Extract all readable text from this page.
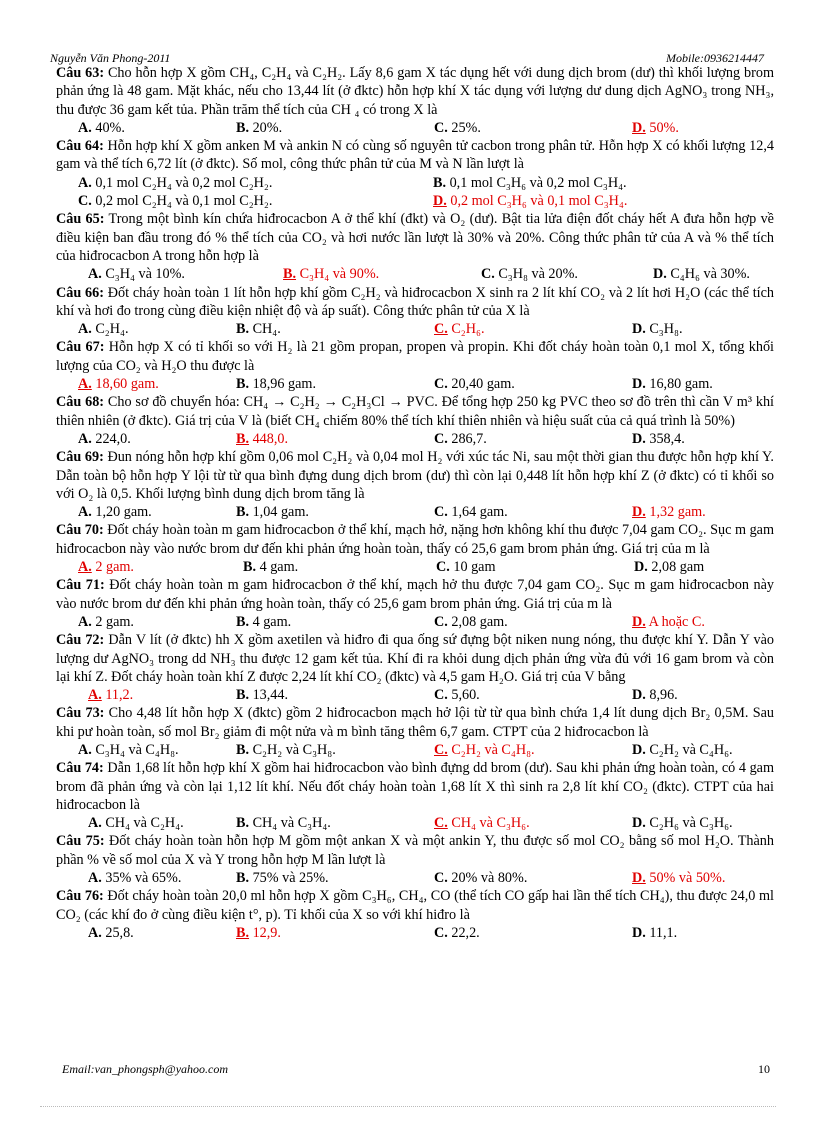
Nguyễn Văn Phong-2011	Mobile:0936214447
Câu 63: Cho hỗn hợp X gồm CH₄, C₂H₄ và C₂H₂. Lấy 8,6 gam X tác dụng hết với dung dịch brom (dư) thì khối lượng brom phản ứng là 48 gam. Mặt khác, nếu cho 13,44 lít (ở đktc) hỗn hợp khí X tác dụng với lượng dư dung dịch AgNO₃ trong NH₃, thu được 36 gam kết tủa. Phần trăm thể tích của CH ₄ có trong X là
A. 40%.	B. 20%.	C. 25%.	D. 50%.
Câu 64: Hỗn hợp khí X gồm anken M và ankin N có cùng số nguyên tử cacbon trong phân tử. Hỗn hợp X có khối lượng 12,4 gam và thể tích 6,72 lít (ở đktc). Số mol, công thức phân tử của M và N lần lượt là
A. 0,1 mol C₂H₄ và 0,2 mol C₂H₂.	B. 0,1 mol C₃H₆ và 0,2 mol C₃H₄.
C. 0,2 mol C₂H₄ và 0,1 mol C₂H₂.	D. 0,2 mol C₃H₆ và 0,1 mol C₃H₄.
Câu 65: Trong một bình kín chứa hiđrocacbon A ở thể khí (đkt) và O₂ (dư). Bật tia lửa điện đốt cháy hết A đưa hỗn hợp về điều kiện ban đầu trong đó % thể tích của CO₂ và hơi nước lần lượt là 30% và 20%. Công thức phân tử của A và % thể tích của hiđrocacbon A trong hỗn hợp là
A. C₃H₄ và 10%.	B. C₃H₄ và 90%.	C. C₃H₈ và 20%.	D. C₄H₆ và 30%.
Câu 66: Đốt cháy hoàn toàn 1 lít hỗn hợp khí gồm C₂H₂ và hiđrocacbon X sinh ra 2 lít khí CO₂ và 2 lít hơi H₂O (các thể tích khí và hơi đo trong cùng điều kiện nhiệt độ và áp suất). Công thức phân tử của X là
A. C₂H₄.	B. CH₄.	C. C₂H₆.	D. C₃H₈.
Câu 67: Hỗn hợp X có tỉ khối so với H₂ là 21 gồm propan, propen và propin. Khi đốt cháy hoàn toàn 0,1 mol X, tổng khối lượng của CO₂ và H₂O thu được là
A. 18,60 gam.	B. 18,96 gam.	C. 20,40 gam.	D. 16,80 gam.
Câu 68: Cho sơ đồ chuyển hóa: CH₄ → C₂H₂ → C₂H₃Cl → PVC. Để tổng hợp 250 kg PVC theo sơ đồ trên thì cần V m³ khí thiên nhiên (ở đktc). Giá trị của V là (biết CH₄ chiếm 80% thể tích khí thiên nhiên và hiệu suất của cả quá trình là 50%)
A. 224,0.	B. 448,0.	C. 286,7.	D. 358,4.
Câu 69: Đun nóng hỗn hợp khí gồm 0,06 mol C₂H₂ và 0,04 mol H₂ với xúc tác Ni, sau một thời gian thu được hỗn hợp khí Y. Dẫn toàn bộ hỗn hợp Y lội từ từ qua bình đựng dung dịch brom (dư) thì còn lại 0,448 lít hỗn hợp khí Z (ở đktc) có tỉ khối so với O₂ là 0,5. Khối lượng bình dung dịch brom tăng là
A. 1,20 gam.	B. 1,04 gam.	C. 1,64 gam.	D. 1,32 gam.
Câu 70: Đốt cháy hoàn toàn m gam hiđrocacbon ở thể khí, mạch hở, nặng hơn không khí thu được 7,04 gam CO₂. Sục m gam hiđrocacbon này vào nước brom dư đến khi phản ứng hoàn toàn, thấy có 25,6 gam brom phản ứng. Giá trị của m là
A. 2 gam.	B. 4 gam.	C. 10 gam	D. 2,08 gam
Câu 71: Đốt cháy hoàn toàn m gam hiđrocacbon ở thể khí, mạch hở thu được 7,04 gam CO₂. Sục m gam hiđrocacbon này vào nước brom dư đến khi phản ứng hoàn toàn, thấy có 25,6 gam brom phản ứng. Giá trị của m là
A. 2 gam.	B. 4 gam.	C. 2,08 gam.	D. A hoặc C.
Câu 72: Dẫn V lít (ở đktc) hh X gồm axetilen và hiđro đi qua ống sứ đựng bột niken nung nóng, thu được khí Y. Dẫn Y vào lượng dư AgNO₃ trong dd NH₃ thu được 12 gam kết tủa. Khí đi ra khỏi dung dịch phản ứng vừa đủ với 16 gam brom và còn lại khí Z. Đốt cháy hoàn toàn khí Z được 2,24 lít khí CO₂ (đktc) và 4,5 gam H₂O. Giá trị của V bằng
A. 11,2.	B. 13,44.	C. 5,60.	D. 8,96.
Câu 73: Cho 4,48 lít hỗn hợp X (đktc) gồm 2 hiđrocacbon mạch hở lội từ từ qua bình chứa 1,4 lít dung dịch Br₂ 0,5M. Sau khi pư hoàn toàn, số mol Br₂ giảm đi một nửa và m bình tăng thêm 6,7 gam. CTPT của 2 hiđrocacbon là
A. C₃H₄ và C₄H₈.	B. C₂H₂ và C₃H₈.	C. C₂H₂ và C₄H₈.	D. C₂H₂ và C₄H₆.
Câu 74: Dẫn 1,68 lít hỗn hợp khí X gồm hai hiđrocacbon vào bình đựng dd brom (dư). Sau khi phản ứng hoàn toàn, có 4 gam brom đã phản ứng và còn lại 1,12 lít khí. Nếu đốt cháy hoàn toàn 1,68 lít X thì sinh ra 2,8 lít khí CO₂ (đktc). CTPT của hai hiđrocacbon là
A. CH₄ và C₂H₄.	B. CH₄ và C₃H₄.	C. CH₄ và C₃H₆.	D. C₂H₆ và C₃H₆.
Câu 75: Đốt cháy hoàn toàn hỗn hợp M gồm một ankan X và một ankin Y, thu được số mol CO₂ bằng số mol H₂O. Thành phần % về số mol của X và Y trong hỗn hợp M lần lượt là
A. 35% và 65%.	B. 75% và 25%.	C. 20% và 80%.	D. 50% và 50%.
Câu 76: Đốt cháy hoàn toàn 20,0 ml hỗn hợp X gồm C₃H₆, CH₄, CO (thể tích CO gấp hai lần thể tích CH₄), thu được 24,0 ml CO₂ (các khí đo ở cùng điều kiện t°, p). Tỉ khối của X so với khí hiđro là
A. 25,8.	B. 12,9.	C. 22,2.	D. 11,1.
Email:van_phongsph@yahoo.com	10
